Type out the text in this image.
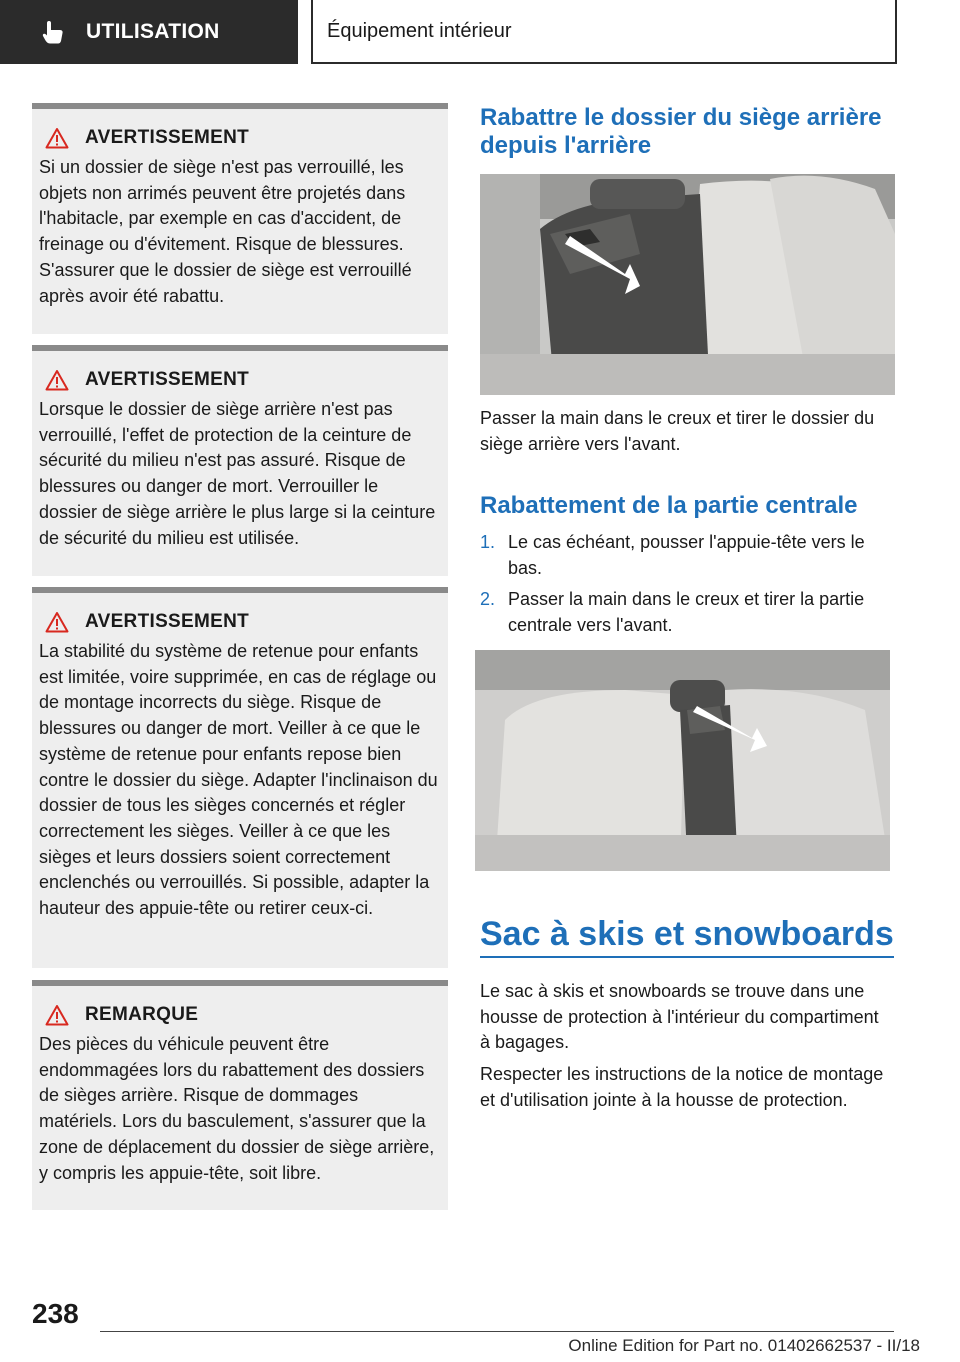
UTILISATION	Équipement intérieur
AVERTISSEMENT
Si un dossier de siège n'est pas verrouillé, les objets non arrimés peuvent être projetés dans l'habitacle, par exemple en cas d'accident, de freinage ou d'évitement. Risque de blessures. S'assurer que le dossier de siège est verrouillé après avoir été rabattu.
AVERTISSEMENT
Lorsque le dossier de siège arrière n'est pas verrouillé, l'effet de protection de la ceinture de sécurité du milieu n'est pas assuré. Risque de blessures ou danger de mort. Verrouiller le dossier de siège arrière le plus large si la ceinture de sécurité du milieu est utilisée.
AVERTISSEMENT
La stabilité du système de retenue pour enfants est limitée, voire supprimée, en cas de réglage ou de montage incorrects du siège. Risque de blessures ou danger de mort. Veiller à ce que le système de retenue pour enfants repose bien contre le dossier du siège. Adapter l'inclinaison du dossier de tous les sièges concernés et régler correctement les sièges. Veiller à ce que les sièges et leurs dossiers soient correctement enclenchés ou verrouillés. Si possible, adapter la hauteur des appuie-tête ou retirer ceux-ci.
REMARQUE
Des pièces du véhicule peuvent être endommagées lors du rabattement des dossiers de sièges arrière. Risque de dommages matériels. Lors du basculement, s'assurer que la zone de déplacement du dossier de siège arrière, y compris les appuie-tête, soit libre.
Rabattre le dossier du siège arrière depuis l'arrière
Passer la main dans le creux et tirer le dossier du siège arrière vers l'avant.
Rabattement de la partie centrale
1. Le cas échéant, pousser l'appuie-tête vers le bas.
2. Passer la main dans le creux et tirer la partie centrale vers l'avant.
Sac à skis et snowboards
Le sac à skis et snowboards se trouve dans une housse de protection à l'intérieur du compartiment à bagages.
Respecter les instructions de la notice de montage et d'utilisation jointe à la housse de protection.
238
Online Edition for Part no. 01402662537 - II/18
